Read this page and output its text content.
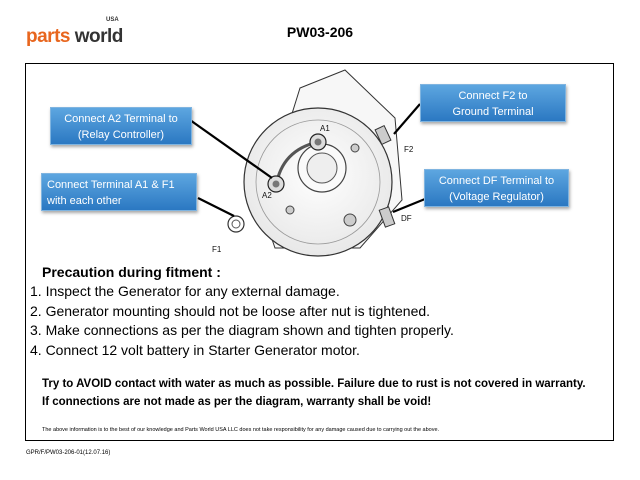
parts world
USA
PW03-206
A1
A2
F1
F2
DF
Connect A2 Terminal to (Relay Controller)
Connect Terminal A1 & F1 with each other
Connect F2 to Ground Terminal
Connect DF Terminal to (Voltage Regulator)
Precaution during fitment :
1. Inspect the Generator for any external damage.
2. Generator mounting should not be loose after nut is tightened.
3. Make connections as per the diagram shown and tighten properly.
4. Connect 12 volt battery in Starter Generator motor.
Try to AVOID contact with water as much as possible. Failure due to rust is not covered in warranty.
If connections are not made as per the diagram, warranty shall be void!
The above information is to the best of our knowledge and Parts World USA LLC does not take responsibility for any damage caused due to carrying out the above.
GPR/F/PW03-206-01(12.07.16)
